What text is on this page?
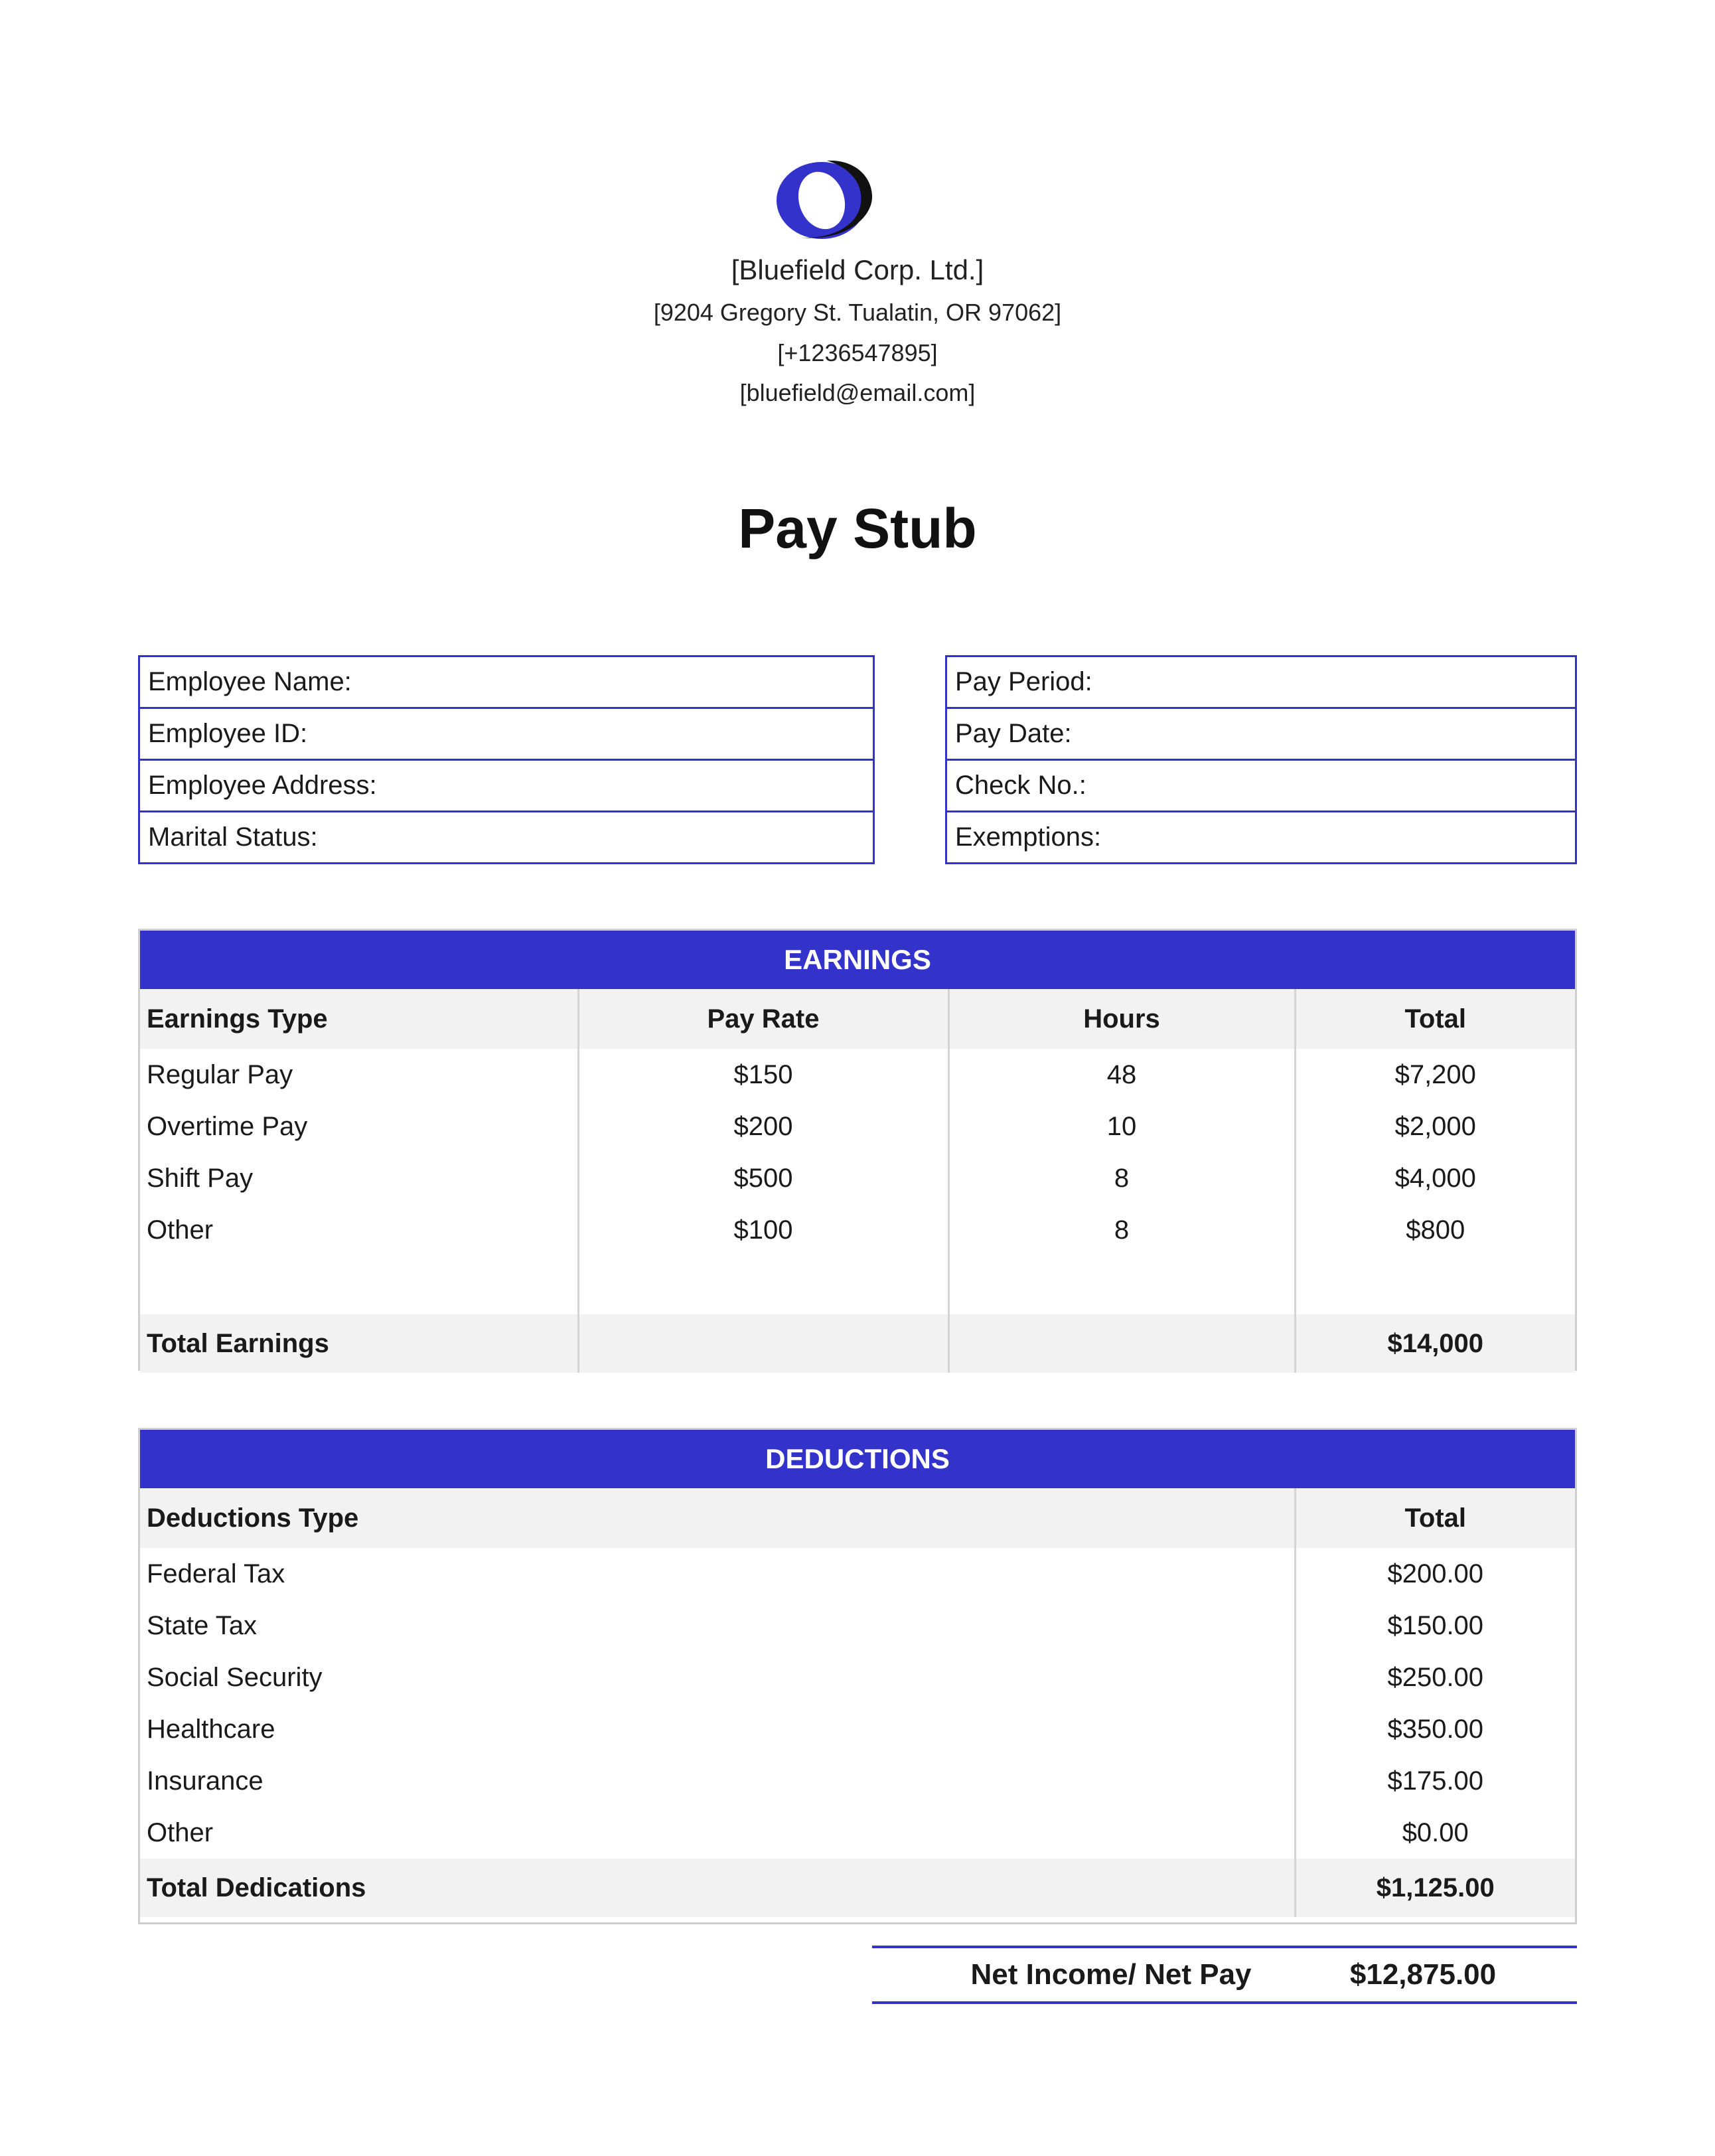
[Bluefield Corp. Ltd.]
[9204 Gregory St. Tualatin, OR 97062]
[+1236547895]
[bluefield@email.com]
Pay Stub
Employee Name:
Employee ID:
Employee Address:
Marital Status:
Pay Period:
Pay Date:
Check No.:
Exemptions:
EARNINGS
Earnings Type	Pay Rate	Hours	Total
Regular Pay	$150	48	$7,200
Overtime Pay	$200	10	$2,000
Shift Pay	$500	8	$4,000
Other	$100	8	$800

Total Earnings			$14,000
DEDUCTIONS
Deductions Type	Total
Federal Tax	$200.00
State Tax	$150.00
Social Security	$250.00
Healthcare	$350.00
Insurance	$175.00
Other	$0.00
Total Dedications	$1,125.00
Net Income/ Net Pay	$12,875.00
